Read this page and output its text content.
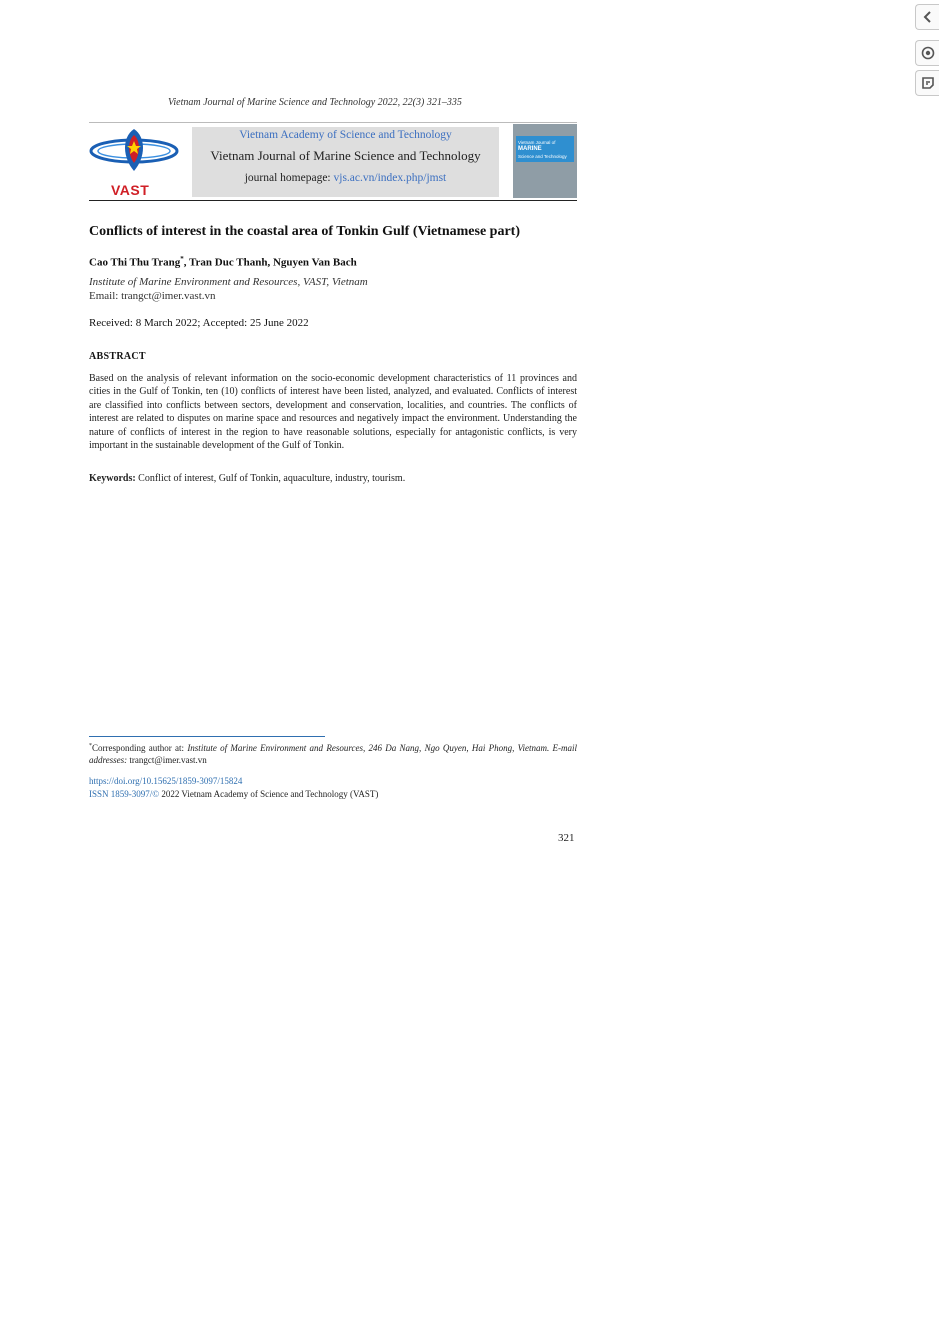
Vietnam Journal of Marine Science and Technology 2022, 22(3) 321–335
VAST
Vietnam Academy of Science and Technology
Vietnam Journal of Marine Science and Technology
journal homepage: vjs.ac.vn/index.php/jmst
Vietnam Journal of
MARINE
Science and Technology
Conflicts of interest in the coastal area of Tonkin Gulf (Vietnamese part)
Cao Thi Thu Trang*, Tran Duc Thanh, Nguyen Van Bach
Institute of Marine Environment and Resources, VAST, Vietnam
Email: trangct@imer.vast.vn
Received: 8 March 2022; Accepted: 25 June 2022
ABSTRACT
Based on the analysis of relevant information on the socio-economic development characteristics of 11 provinces and cities in the Gulf of Tonkin, ten (10) conflicts of interest have been listed, analyzed, and evaluated. Conflicts of interest are classified into conflicts between sectors, development and conservation, localities, and countries. The conflicts of interest are related to disputes on marine space and resources and negatively impact the environment. Understanding the nature of conflicts of interest in the region to have reasonable solutions, especially for antagonistic conflicts, is very important in the sustainable development of the Gulf of Tonkin.
Keywords: Conflict of interest, Gulf of Tonkin, aquaculture, industry, tourism.
*Corresponding author at: Institute of Marine Environment and Resources, 246 Da Nang, Ngo Quyen, Hai Phong, Vietnam. E-mail addresses: trangct@imer.vast.vn
https://doi.org/10.15625/1859-3097/15824
ISSN 1859-3097/© 2022 Vietnam Academy of Science and Technology (VAST)
321
